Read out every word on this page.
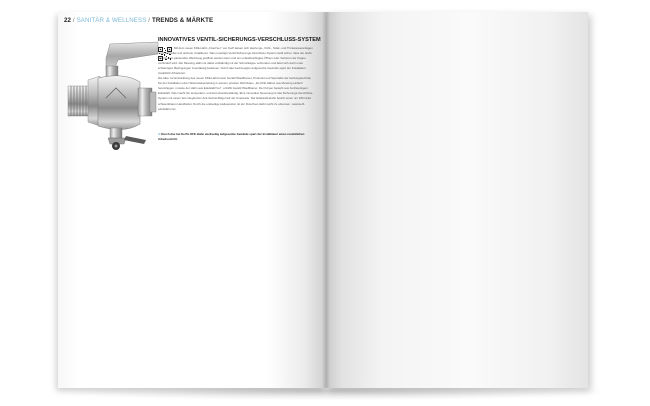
22 / SANITÄR & WELLNESS / TRENDS & MÄRKTE
INNOVATIVES VENTIL-SICHERUNGS-VERSCHLUSS-SYSTEM

Mit dem neuen KFE-Hahn „Fixerl'ser“ von Kerfi lassen sich Heizungs-, Kühl-, Solar- und Trinkwasseranlagen noch schneller und sicherer installieren. Das neuartige Ventil-Sicherungs-Verschluss-System stellt sicher, dass der Hahn nur mit dem passenden Werkzeug geöffnet werden kann und ein unbeabsichtigtes Öffnen oder Verlieren der Kappe verhindert wird. Der Messing-Hahn ist dabei vollständig mit der Schutzkappe verbunden und lässt sich auch unter schwierigen Bedingungen zuverlässig bedienen. Durch das werkzeuglos aufgesetzte Gewinde spart der Installateur zusätzlich Arbeitszeit.

Die Idee zur Entwicklung des neuen KFE-Hahns kam Gerald Wiedlhamer, Prokurist und Spezialist der Heizungstechnik, bei der Installation einer Warmwasserleitung in seinem privaten Wohnhaus. „Es KFE Hähne aus Messing einfach herumliegen, musste der Hahn aus Edelstahl her“, erzählt Gerald Wiedlhamer. Der Körper besteht aus hochwertigem Edelstahl. Das macht ihn temperatur- und korrosionsbeständig. Eine innovative Neuerung ist das Sicherungs-Verschluss-System mit einem fest integrierten Anti-Verlust-Bügel auf der Unterseite. Der Edelstahl-Hahn besitzt einen um 180 Grad schwenkbaren Handhebel. Durch die endseitige Haltepositon ist der Fixierl'ser-Hahn leicht zu erkennen. www.kerfi-edelstahl.com

⊙ Durch das bei Kerfis KFE-Hahn werkseitig aufgesetzte Gewinde spart der Installateur einen zusätzlichen Arbeitsschritt.
